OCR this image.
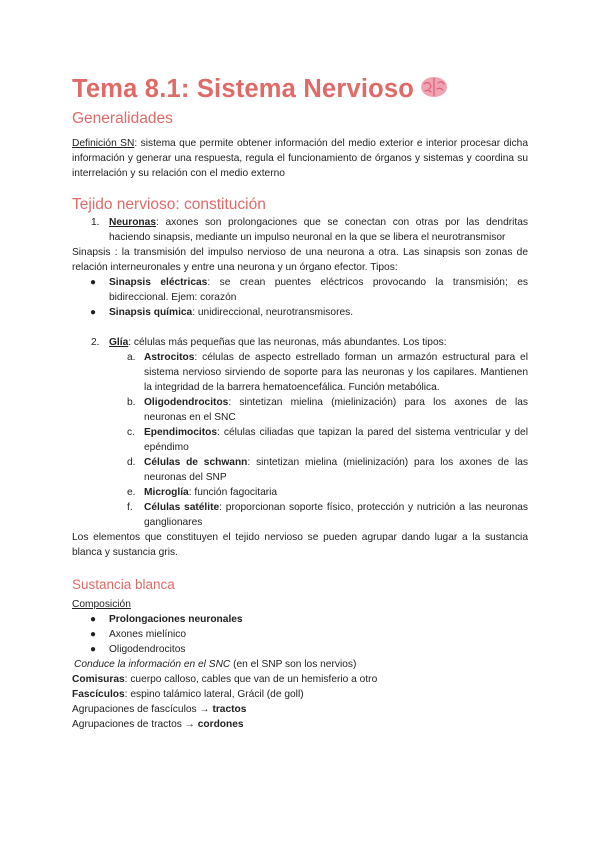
Tema 8.1: Sistema Nervioso
Generalidades

Definición SN: sistema que permite obtener información del medio exterior e interior procesar dicha información y generar una respuesta, regula el funcionamiento de órganos y sistemas y coordina su interrelación y su relación con el medio externo

Tejido nervioso: constitución
1. Neuronas: axones son prolongaciones que se conectan con otras por las dendritas haciendo sinapsis, mediante un impulso neuronal en la que se libera el neurotransmisor

Sinapsis : la transmisión del impulso nervioso de una neurona a otra. Las sinapsis son zonas de relación interneuronales y entre una neurona y un órgano efector. Tipos:

● Sinapsis eléctricas: se crean puentes eléctricos provocando la transmisión; es bidireccional. Ejem: corazón
● Sinapsis química: unidireccional, neurotransmisores.
2. Glía: células más pequeñas que las neuronas, más abundantes. Los tipos:
a. Astrocitos: células de aspecto estrellado forman un armazón estructural para el sistema nervioso sirviendo de soporte para las neuronas y los capilares. Mantienen la integridad de la barrera hematoencefálica. Función metabólica.
b. Oligodendrocitos: sintetizan mielina (mielinización) para los axones de las neuronas en el SNC
c. Ependimocitos: células ciliadas que tapizan la pared del sistema ventricular y del epéndimo
d. Células de schwann: sintetizan mielina (mielinización) para los axones de las neuronas del SNP
e. Microglía: función fagocitaria
f. Células satélite: proporcionan soporte físico, protección y nutrición a las neuronas ganglionares

Los elementos que constituyen el tejido nervioso se pueden agrupar dando lugar a la sustancia blanca y sustancia gris.

Sustancia blanca

Composición

● Prolongaciones neuronales
● Axones mielínico
● Oligodendrocitos

Conduce la información en el SNC (en el SNP son los nervios)

Comisuras: cuerpo calloso, cables que van de un hemisferio a otro

Fascículos: espino talámico lateral, Grácil (de goll)

Agrupaciones de fascículos → tractos

Agrupaciones de tractos → cordones
